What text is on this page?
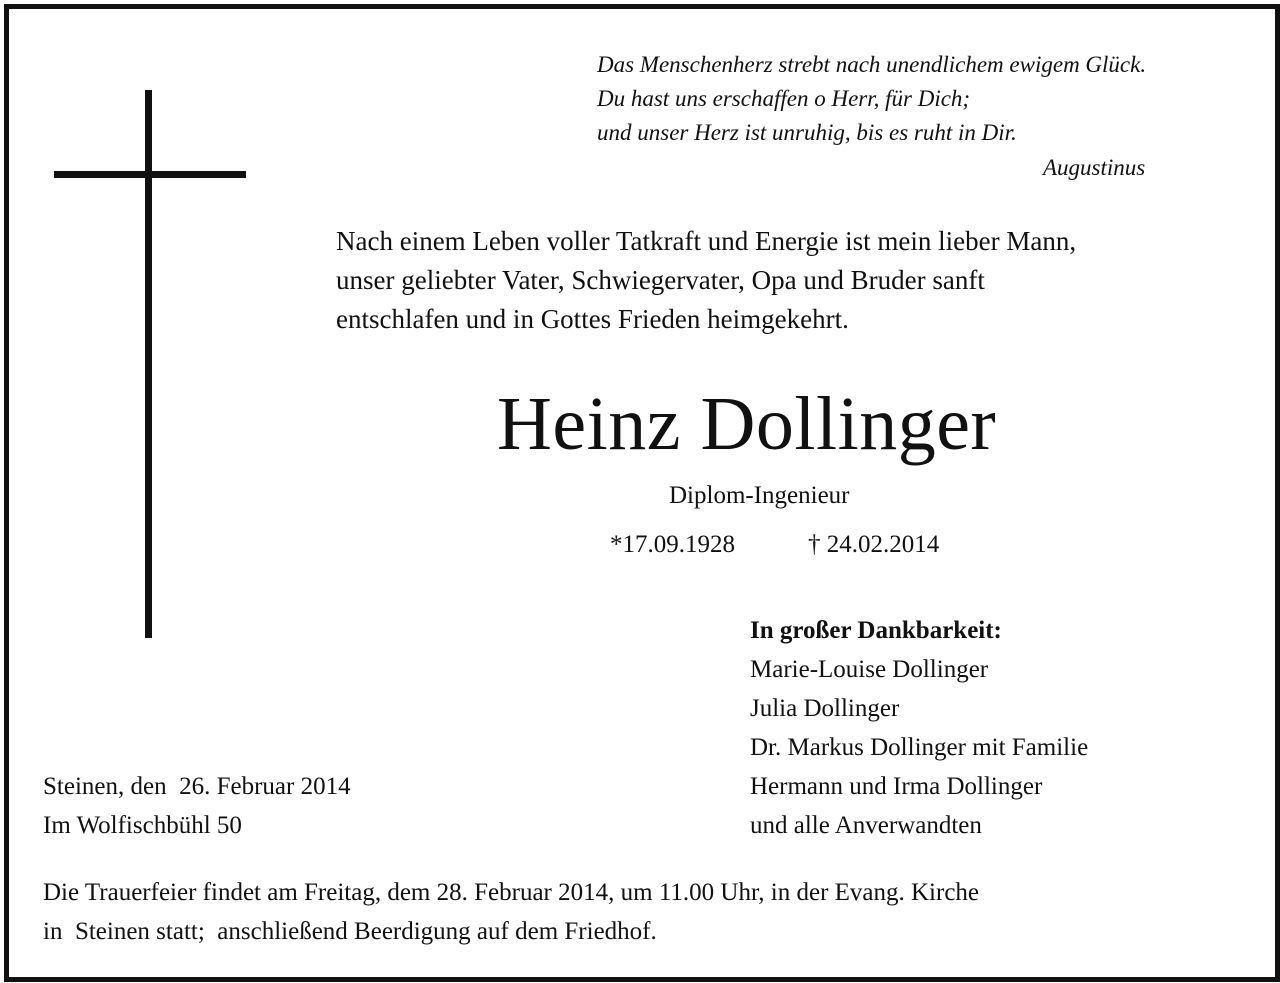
Das Menschenherz strebt nach unendlichem ewigem Glück.
Du hast uns erschaffen o Herr, für Dich;
und unser Herz ist unruhig, bis es ruht in Dir.
Augustinus
Nach einem Leben voller Tatkraft und Energie ist mein lieber Mann,
unser geliebter Vater, Schwiegervater, Opa und Bruder sanft
entschlafen und in Gottes Frieden heimgekehrt.
Heinz Dollinger
Diplom-Ingenieur
*17.09.1928	† 24.02.2014
In großer Dankbarkeit:
Marie-Louise Dollinger
Julia Dollinger
Dr. Markus Dollinger mit Familie
Hermann und Irma Dollinger
und alle Anverwandten
Steinen, den  26. Februar 2014
Im Wolfischbühl 50
Die Trauerfeier findet am Freitag, dem 28. Februar 2014, um 11.00 Uhr, in der Evang. Kirche
in  Steinen statt;  anschließend Beerdigung auf dem Friedhof.
